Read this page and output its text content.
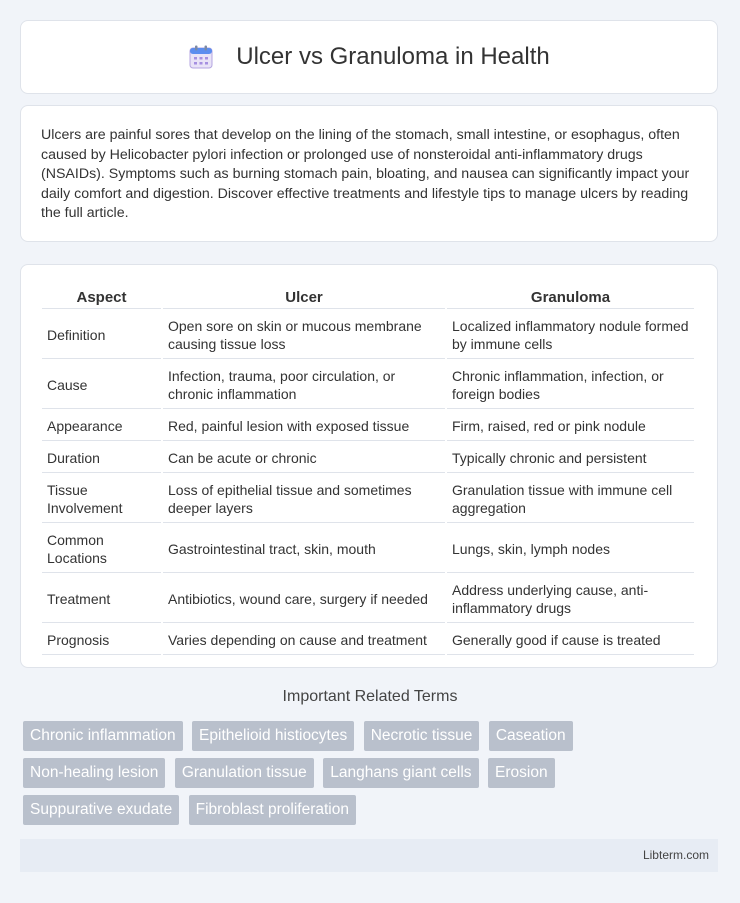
Ulcer vs Granuloma in Health

Ulcers are painful sores that develop on the lining of the stomach, small intestine, or esophagus, often caused by Helicobacter pylori infection or prolonged use of nonsteroidal anti-inflammatory drugs (NSAIDs). Symptoms such as burning stomach pain, bloating, and nausea can significantly impact your daily comfort and digestion. Discover effective treatments and lifestyle tips to manage ulcers by reading the full article.

Aspect	Ulcer	Granuloma
Definition	Open sore on skin or mucous membrane causing tissue loss	Localized inflammatory nodule formed by immune cells
Cause	Infection, trauma, poor circulation, or chronic inflammation	Chronic inflammation, infection, or foreign bodies
Appearance	Red, painful lesion with exposed tissue	Firm, raised, red or pink nodule
Duration	Can be acute or chronic	Typically chronic and persistent
Tissue Involvement	Loss of epithelial tissue and sometimes deeper layers	Granulation tissue with immune cell aggregation
Common Locations	Gastrointestinal tract, skin, mouth	Lungs, skin, lymph nodes
Treatment	Antibiotics, wound care, surgery if needed	Address underlying cause, anti-inflammatory drugs
Prognosis	Varies depending on cause and treatment	Generally good if cause is treated
Important Related Terms
Chronic inflammation Epithelioid histiocytes Necrotic tissue Caseation Non-healing lesion Granulation tissue Langhans giant cells Erosion Suppurative exudate Fibroblast proliferation
Libterm.com
